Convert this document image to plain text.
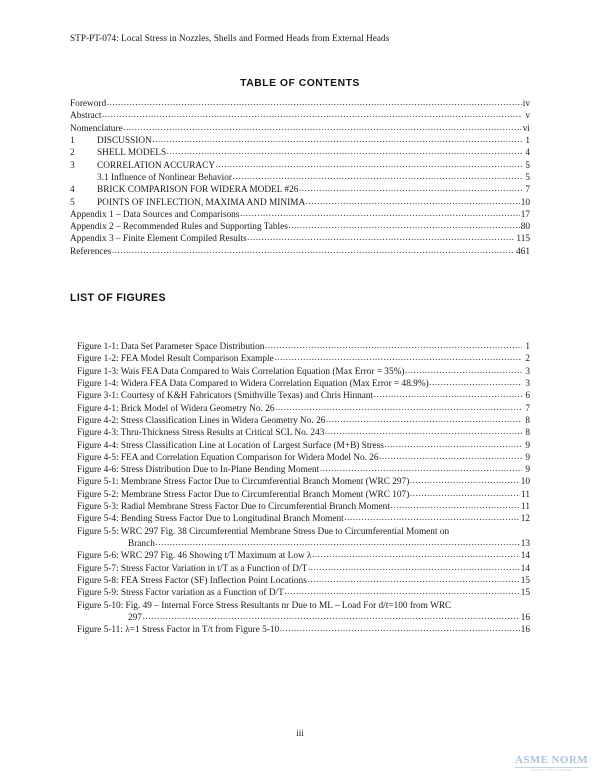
STP-PT-074: Local Stress in Nozzles, Shells and Formed Heads from External Heads
TABLE OF CONTENTS
Foreword .....	iv
Abstract .....	v
Nomenclature .....	vi
1	DISCUSSION .....	1
2	SHELL MODELS .....	4
3	CORRELATION ACCURACY .....	5
3.1 Influence of Nonlinear Behavior .....	5
4	BRICK COMPARISON FOR WIDERA MODEL #26 .....	7
5	POINTS OF INFLECTION, MAXIMA AND MINIMA .....	10
Appendix 1 – Data Sources and Comparisons .....	17
Appendix 2 – Recommended Rules and Supporting Tables .....	80
Appendix 3 – Finite Element Compiled Results .....	115
References .....	461
LIST OF FIGURES
Figure 1-1: Data Set Parameter Space Distribution .....	1
Figure 1-2: FEA Model Result Comparison Example .....	2
Figure 1-3: Wais FEA Data Compared to Wais Correlation Equation (Max Error = 35%) .....	3
Figure 1-4: Widera FEA Data Compared to Widera Correlation Equation (Max Error = 48.9%) .....	3
Figure 3-1: Courtesy of K&H Fabricators (Smithville Texas) and Chris Hinnant .....	6
Figure 4-1: Brick Model of Widera Geometry No. 26 .....	7
Figure 4-2: Stress Classification Lines in Widera Geometry No. 26 .....	8
Figure 4-3: Thru-Thickness Stress Results at Critical SCL No. 243 .....	8
Figure 4-4: Stress Classification Line at Location of Largest Surface (M+B) Stress .....	9
Figure 4-5: FEA and Correlation Equation Comparison for Widera Model No. 26 .....	9
Figure 4-6: Stress Distribution Due to In-Plane Bending Moment .....	9
Figure 5-1: Membrane Stress Factor Due to Circumferential Branch Moment (WRC 297) .....	10
Figure 5-2: Membrane Stress Factor Due to Circumferential Branch Moment (WRC 107) .....	11
Figure 5-3: Radial Membrane Stress Factor Due to Circumferential Branch Moment .....	11
Figure 5-4: Bending Stress Factor Due to Longitudinal Branch Moment .....	12
Figure 5-5: WRC 297 Fig. 38 Circumferential Membrane Stress Due to Circumferential Moment on
Branch .....	13
Figure 5-6: WRC 297 Fig. 46 Showing t/T Maximum at Low λ .....	14
Figure 5-7: Stress Factor Variation in t/T as a Function of D/T .....	14
Figure 5-8: FEA Stress Factor (SF) Inflection Point Locations .....	15
Figure 5-9: Stress Factor variation as a Function of D/T .....	15
Figure 5-10: Fig. 49 – Internal Force Stress Resultants nr Due to ML – Load For d/t=100 from WRC
297 .....	16
Figure 5-11: λ=1 Stress Factor in T/t from Figure 5-10 .....	16
iii
ASME NORM
SETTING THE STANDARD
